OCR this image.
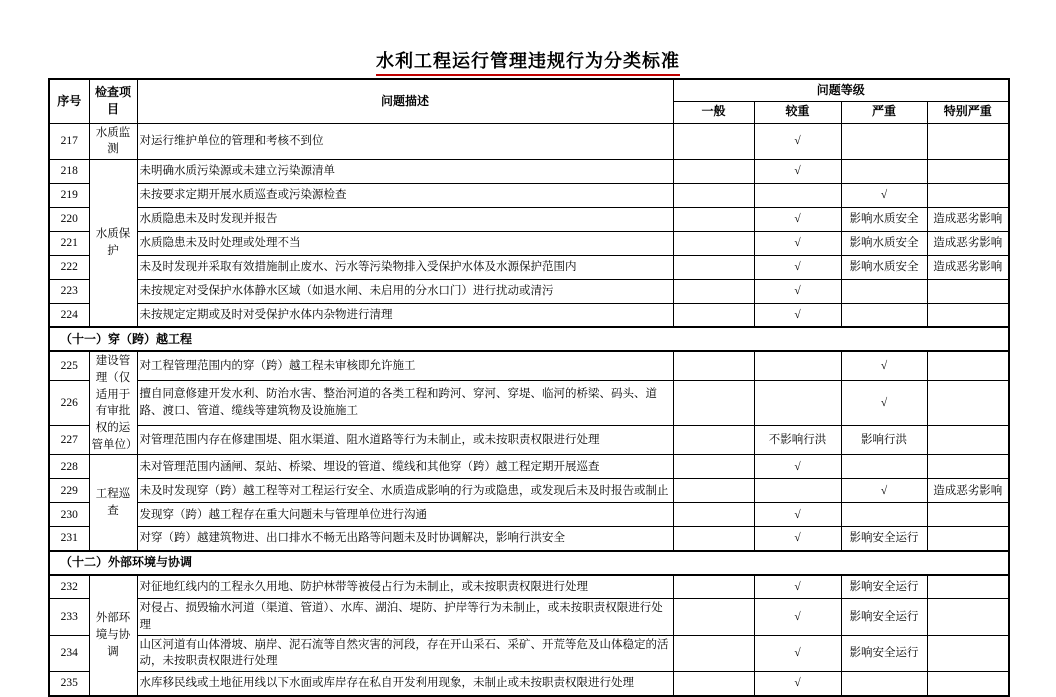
水利工程运行管理违规行为分类标准
序号	检查项目	问题描述	问题等级			
			一般	较重	严重	特别严重
217	水质监测	对运行维护单位的管理和考核不到位		√		
218	水质保护	未明确水质污染源或未建立污染源清单		√		
219		未按要求定期开展水质巡查或污染源检查			√	
220		水质隐患未及时发现并报告		√	影响水质安全	造成恶劣影响
221		水质隐患未及时处理或处理不当		√	影响水质安全	造成恶劣影响
222		未及时发现并采取有效措施制止废水、污水等污染物排入受保护水体及水源保护范围内		√	影响水质安全	造成恶劣影响
223		未按规定对受保护水体静水区域（如退水闸、未启用的分水口门）进行扰动或清污		√		
224		未按规定定期或及时对受保护水体内杂物进行清理		√		
（十一）穿（跨）越工程						
225	建设管理（仅适用于有审批权的运管单位）	对工程管理范围内的穿（跨）越工程未审核即允许施工			√	
226		擅自同意修建开发水利、防治水害、整治河道的各类工程和跨河、穿河、穿堤、临河的桥梁、码头、道路、渡口、管道、缆线等建筑物及设施施工			√	
227		对管理范围内存在修建围堤、阻水渠道、阻水道路等行为未制止，或未按职责权限进行处理		不影响行洪	影响行洪	
228	工程巡查	未对管理范围内涵闸、泵站、桥梁、埋设的管道、缆线和其他穿（跨）越工程定期开展巡查		√		
229		未及时发现穿（跨）越工程等对工程运行安全、水质造成影响的行为或隐患，或发现后未及时报告或制止			√	造成恶劣影响
230		发现穿（跨）越工程存在重大问题未与管理单位进行沟通		√		
231		对穿（跨）越建筑物进、出口排水不畅无出路等问题未及时协调解决，影响行洪安全		√	影响安全运行	
（十二）外部环境与协调						
232	外部环境与协调	对征地红线内的工程永久用地、防护林带等被侵占行为未制止，或未按职责权限进行处理		√	影响安全运行	
233		对侵占、损毁输水河道（渠道、管道）、水库、湖泊、堤防、护岸等行为未制止，或未按职责权限进行处理		√	影响安全运行	
234		山区河道有山体滑坡、崩岸、泥石流等自然灾害的河段，存在开山采石、采矿、开荒等危及山体稳定的活动，未按职责权限进行处理		√	影响安全运行	
235		水库移民线或土地征用线以下水面或库岸存在私自开发利用现象，未制止或未按职责权限进行处理		√		
